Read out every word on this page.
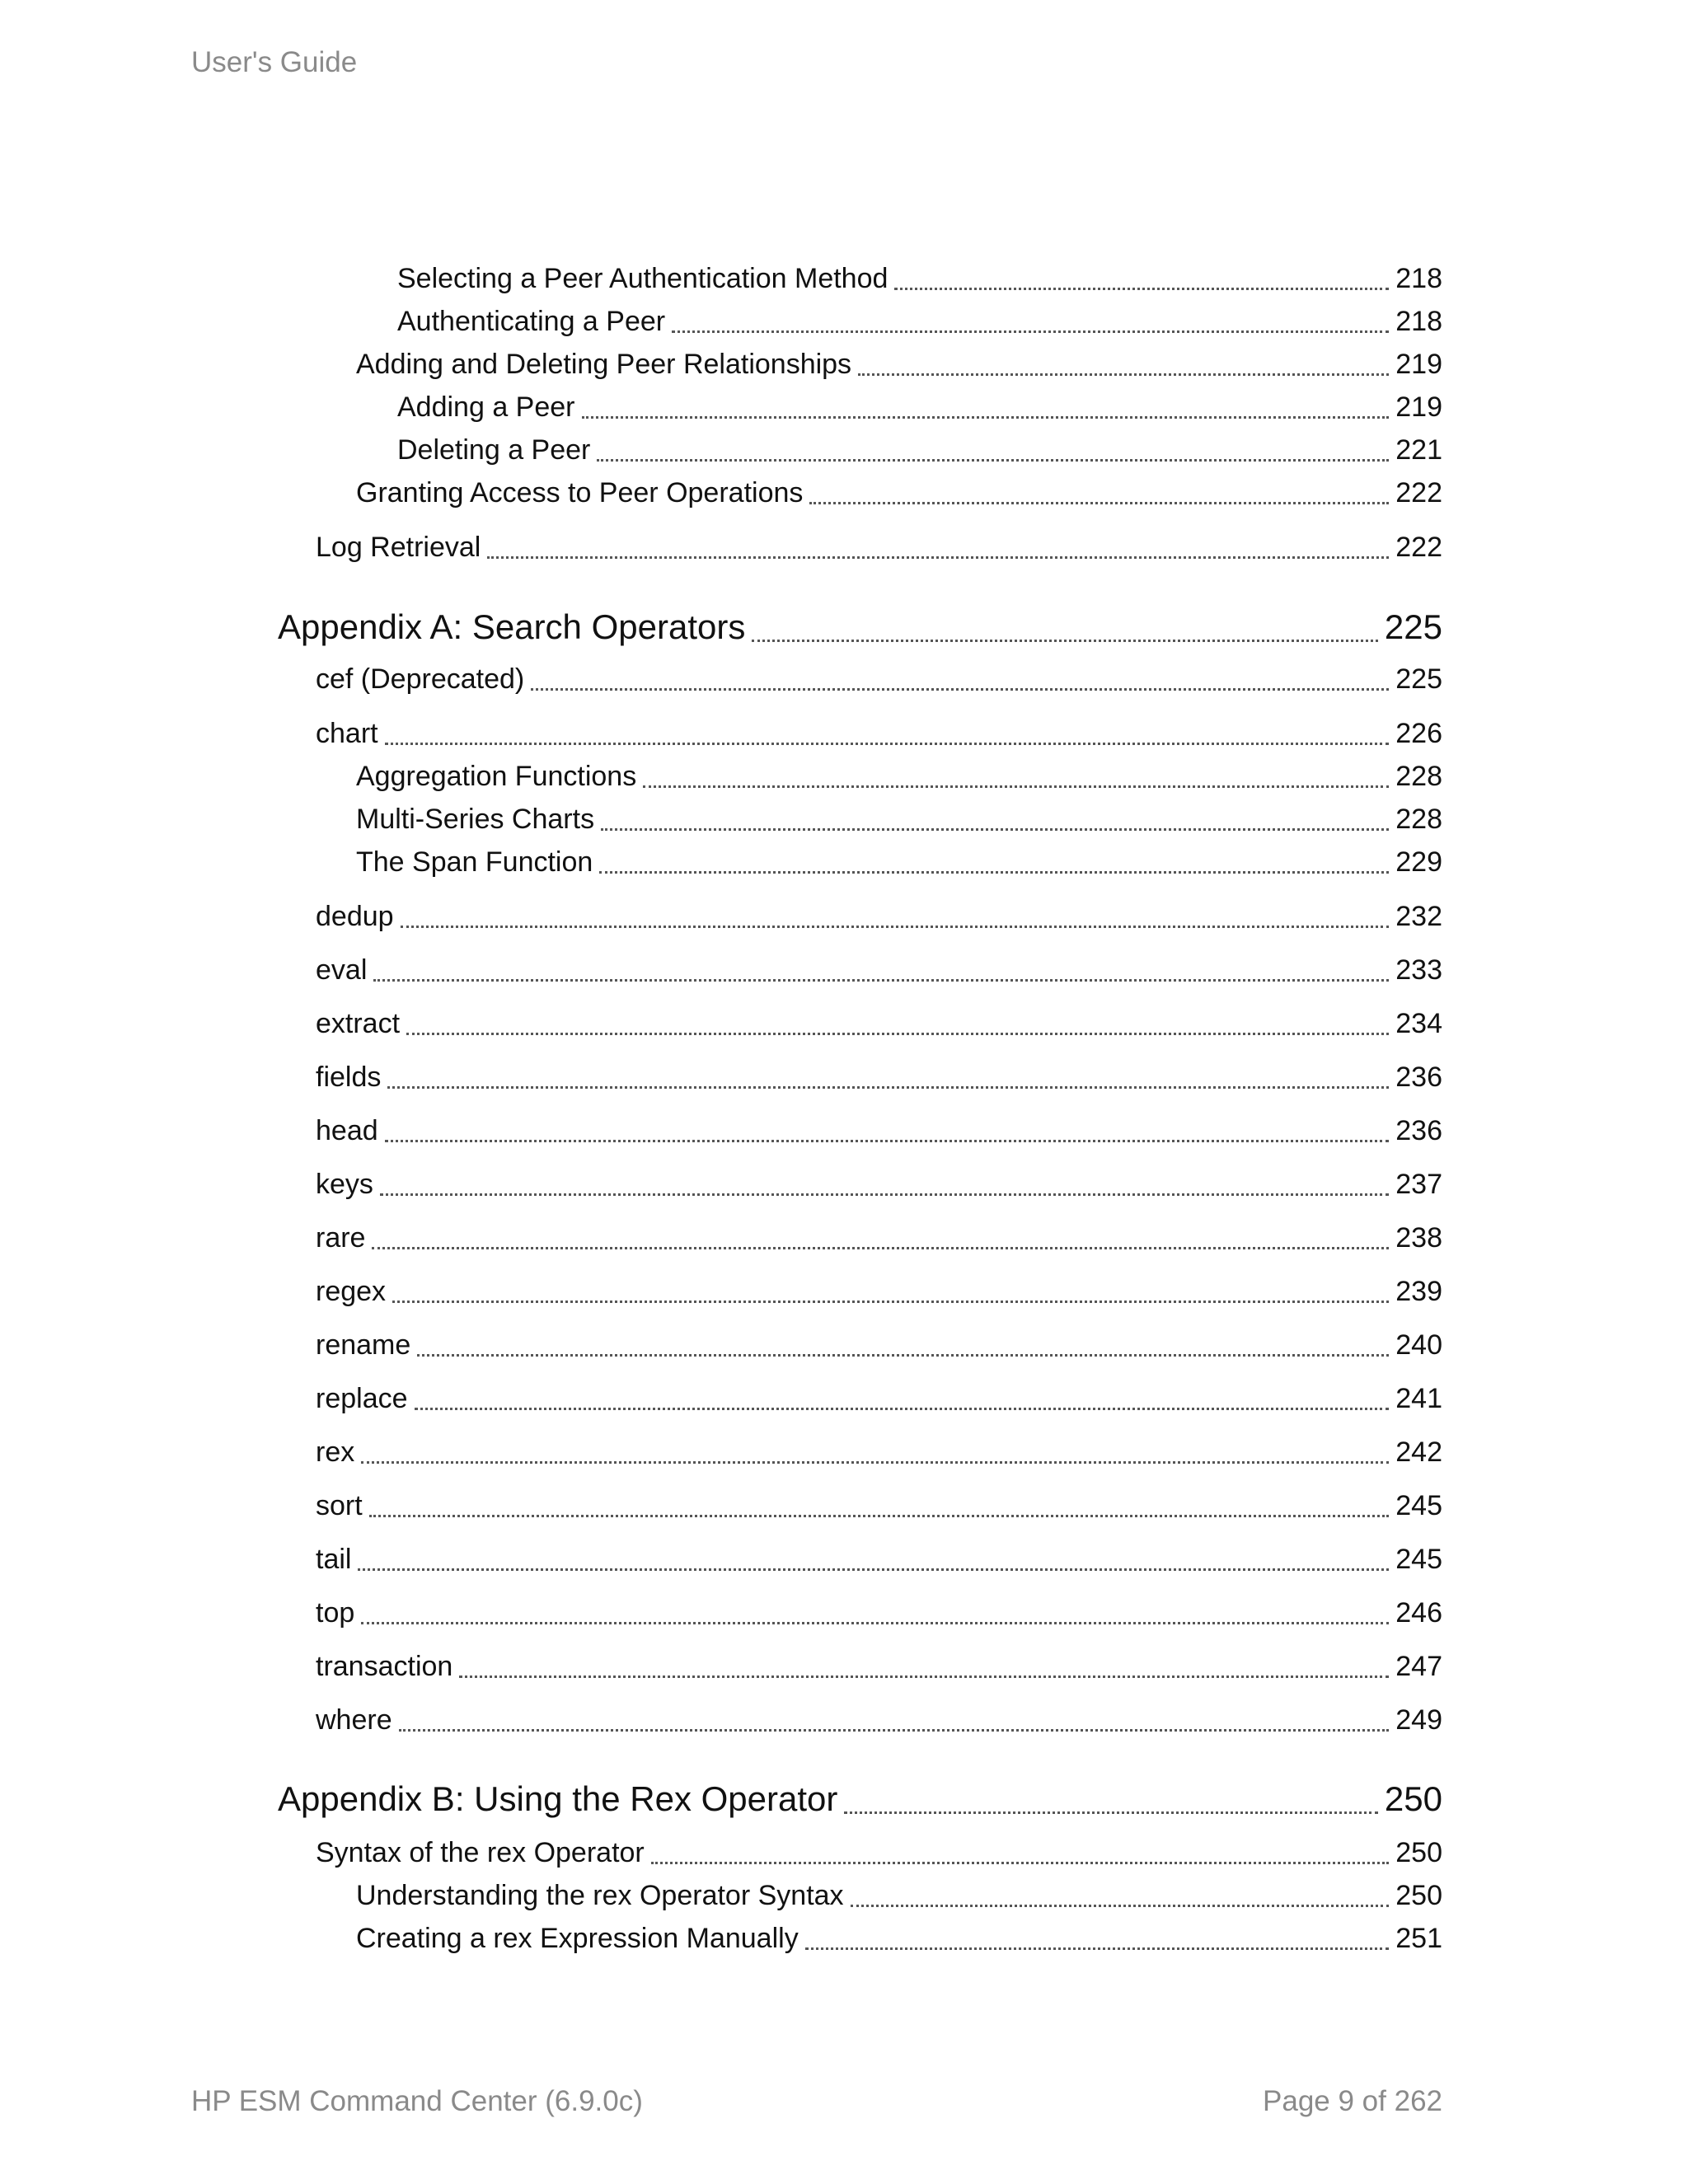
User's Guide
Selecting a Peer Authentication Method	218
Authenticating a Peer	218
Adding and Deleting Peer Relationships	219
Adding a Peer	219
Deleting a Peer	221
Granting Access to Peer Operations	222
Log Retrieval	222
Appendix A: Search Operators	225
cef (Deprecated)	225
chart	226
Aggregation Functions	228
Multi-Series Charts	228
The Span Function	229
dedup	232
eval	233
extract	234
fields	236
head	236
keys	237
rare	238
regex	239
rename	240
replace	241
rex	242
sort	245
tail	245
top	246
transaction	247
where	249
Appendix B: Using the Rex Operator	250
Syntax of the rex Operator	250
Understanding the rex Operator Syntax	250
Creating a rex Expression Manually	251
HP ESM Command Center (6.9.0c)	Page 9 of 262
